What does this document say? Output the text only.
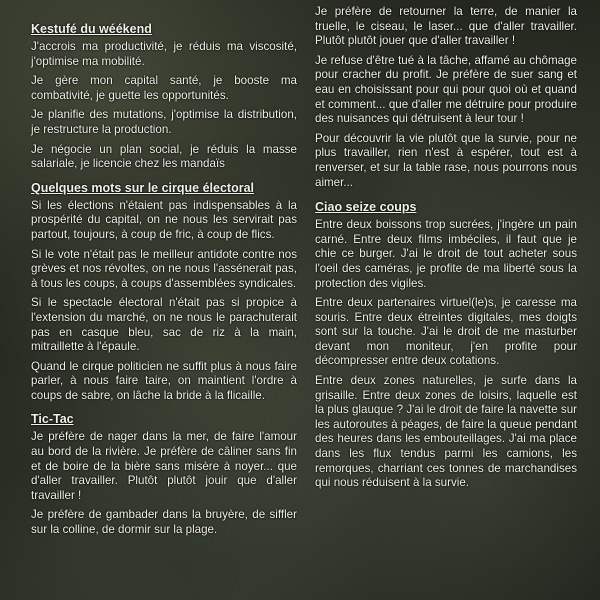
Kestufé du wéékend

J'accrois ma productivité, je réduis ma viscosité, j'optimise ma mobilité.

Je gère mon capital santé, je booste ma combativité, je guette les opportunités.

Je planifie des mutations, j'optimise la distribution, je restructure la production.

Je négocie un plan social, je réduis la masse salariale, je licencie chez les mandaïs

Quelques mots sur le cirque électoral

Si les élections n'étaient pas indispensables à la prospérité du capital, on ne nous les servirait pas partout, toujours, à coup de fric, à coup de flics.

Si le vote n'était pas le meilleur antidote contre nos grèves et nos révoltes, on ne nous l'assénerait pas, à tous les coups, à coups d'assemblées syndicales.

Si le spectacle électoral n'était pas si propice à l'extension du marché, on ne nous le parachuterait pas en casque bleu, sac de riz à la main, mitraillette à l'épaule.

Quand le cirque politicien ne suffit plus à nous faire parler, à nous faire taire, on maintient l'ordre à coups de sabre, on lâche la bride à la flicaille.

Tic-Tac

Je préfère de nager dans la mer, de faire l'amour au bord de la rivière. Je préfère de câliner sans fin et de boire de la bière sans misère à noyer... que d'aller travailler. Plutôt plutôt jouir que d'aller travailler !

Je préfère de gambader dans la bruyère, de siffler sur la colline, de dormir sur la plage.

Je préfère de retourner la terre, de manier la truelle, le ciseau, le laser... que d'aller travailler. Plutôt plutôt jouer que d'aller travailler !

Je refuse d'être tué à la tâche, affamé au chômage pour cracher du profit. Je préfère de suer sang et eau en choisissant pour qui pour quoi où et quand et comment... que d'aller me détruire pour produire des nuisances qui détruisent à leur tour !

Pour découvrir la vie plutôt que la survie, pour ne plus travailler, rien n'est à espérer, tout est à renverser, et sur la table rase, nous pourrons nous aimer...

Ciao seize coups

Entre deux boissons trop sucrées, j'ingère un pain carné. Entre deux films imbéciles, il faut que je chie ce burger. J'ai le droit de tout acheter sous l'oeil des caméras, je profite de ma liberté sous la protection des vigiles.

Entre deux partenaires virtuel(le)s, je caresse ma souris. Entre deux étreintes digitales, mes doigts sont sur la touche. J'ai le droit de me masturber devant mon moniteur, j'en profite pour décompresser entre deux cotations.

Entre deux zones naturelles, je surfe dans la grisaille. Entre deux zones de loisirs, laquelle est la plus glauque ? J'ai le droit de faire la navette sur les autoroutes à péages, de faire la queue pendant des heures dans les embouteillages. J'ai ma place dans les flux tendus parmi les camions, les remorques, charriant ces tonnes de marchandises qui nous réduisent à la survie.
